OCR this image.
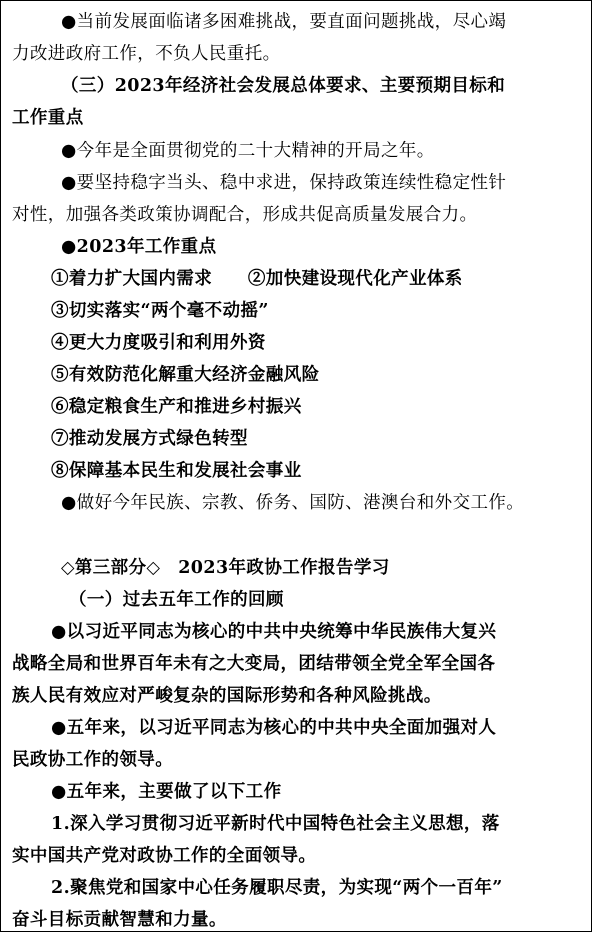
●当前发展面临诸多困难挑战，要直面问题挑战，尽心竭
力改进政府工作，不负人民重托。
（三）2023年经济社会发展总体要求、主要预期目标和
工作重点
●今年是全面贯彻党的二十大精神的开局之年。
●要坚持稳字当头、稳中求进，保持政策连续性稳定性针
对性，加强各类政策协调配合，形成共促高质量发展合力。
●2023年工作重点
①着力扩大国内需求　　②加快建设现代化产业体系
③切实落实“两个毫不动摇”
④更大力度吸引和利用外资
⑤有效防范化解重大经济金融风险
⑥稳定粮食生产和推进乡村振兴
⑦推动发展方式绿色转型
⑧保障基本民生和发展社会事业
●做好今年民族、宗教、侨务、国防、港澳台和外交工作。
◇第三部分◇　2023年政协工作报告学习
（一）过去五年工作的回顾
●以习近平同志为核心的中共中央统筹中华民族伟大复兴
战略全局和世界百年未有之大变局，团结带领全党全军全国各
族人民有效应对严峻复杂的国际形势和各种风险挑战。
●五年来，以习近平同志为核心的中共中央全面加强对人
民政协工作的领导。
●五年来，主要做了以下工作
1.深入学习贯彻习近平新时代中国特色社会主义思想，落
实中国共产党对政协工作的全面领导。
2.聚焦党和国家中心任务履职尽责，为实现“两个一百年”
奋斗目标贡献智慧和力量。
